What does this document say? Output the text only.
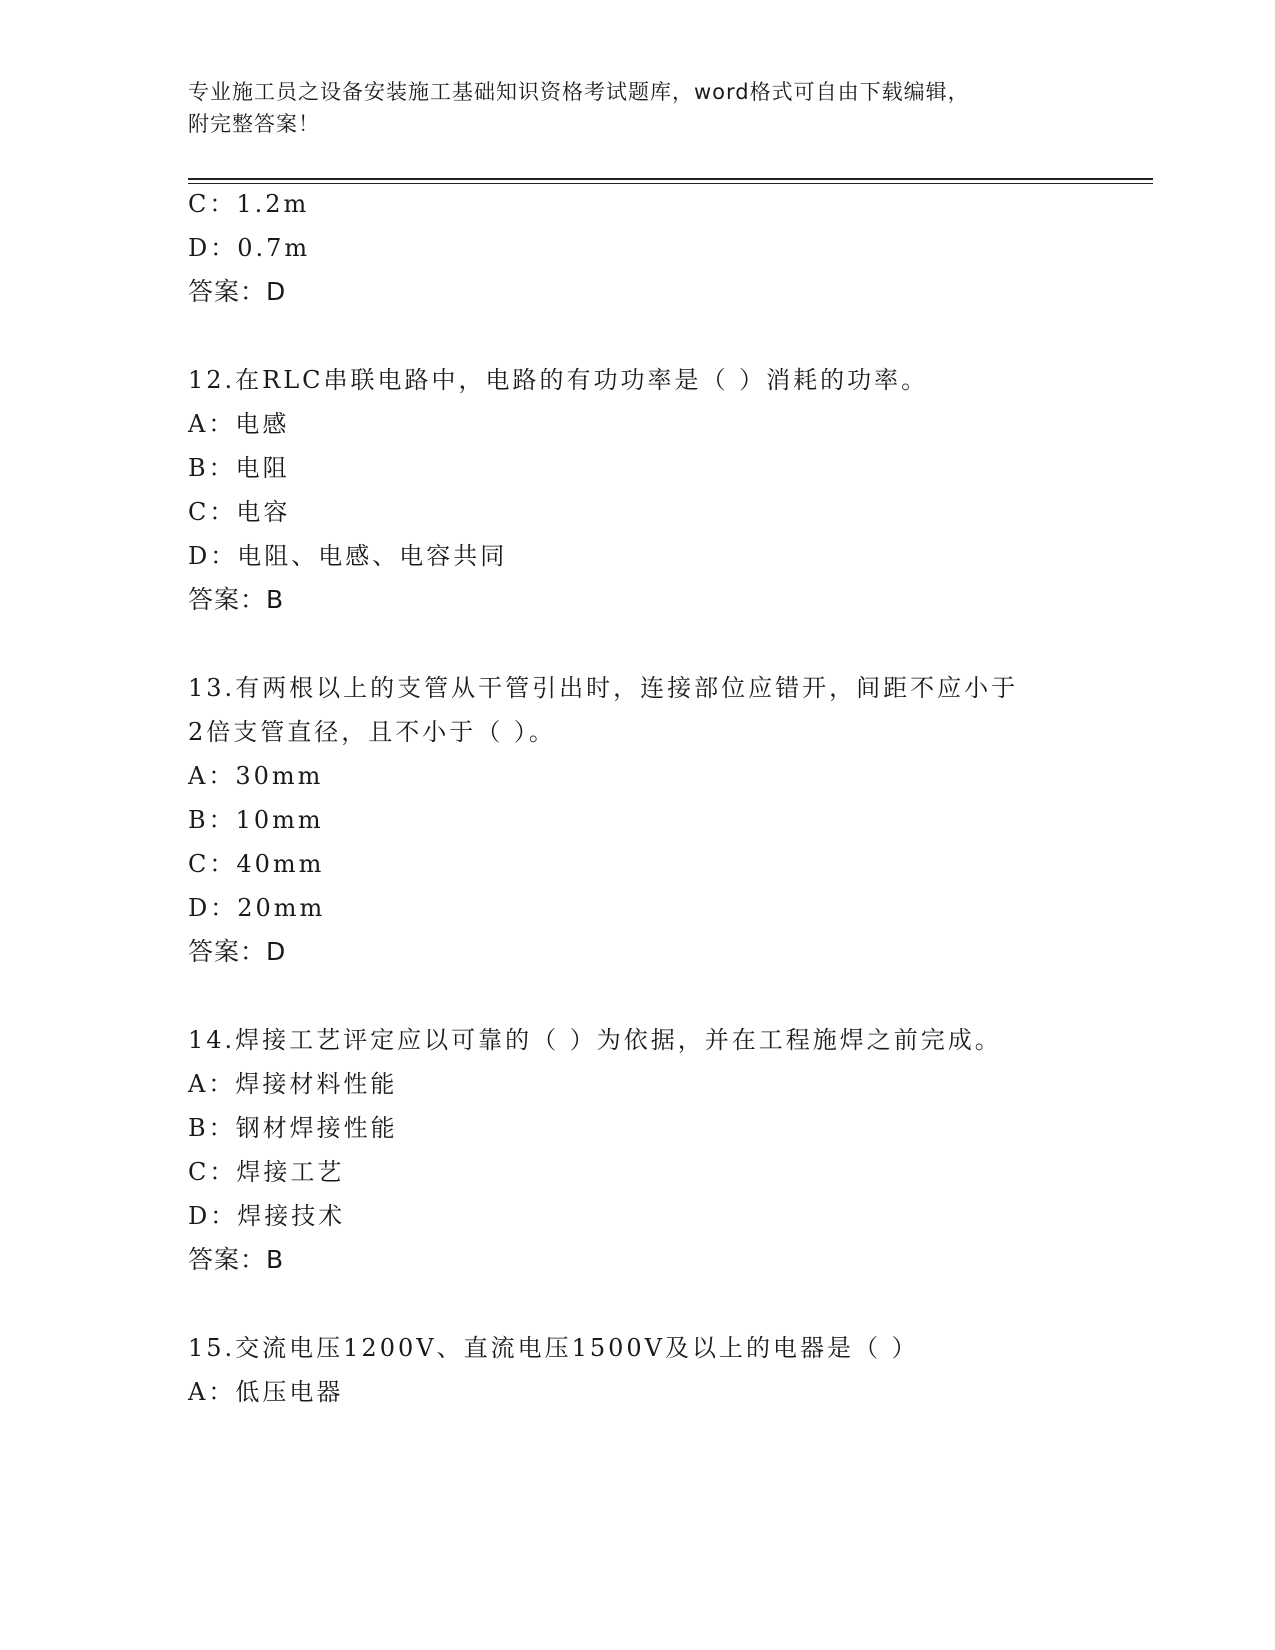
专业施工员之设备安装施工基础知识资格考试题库，word格式可自由下载编辑，
附完整答案！
C：1.2m
D：0.7m
答案：D
12.在RLC串联电路中，电路的有功功率是（ ）消耗的功率。
A：电感
B：电阻
C：电容
D：电阻、电感、电容共同
答案：B
13.有两根以上的支管从干管引出时，连接部位应错开，间距不应小于
2倍支管直径，且不小于（ ）。
A：30mm
B：10mm
C：40mm
D：20mm
答案：D
14.焊接工艺评定应以可靠的（ ）为依据，并在工程施焊之前完成。
A：焊接材料性能
B：钢材焊接性能
C：焊接工艺
D：焊接技术
答案：B
15.交流电压1200V、直流电压1500V及以上的电器是（ ）
A：低压电器
